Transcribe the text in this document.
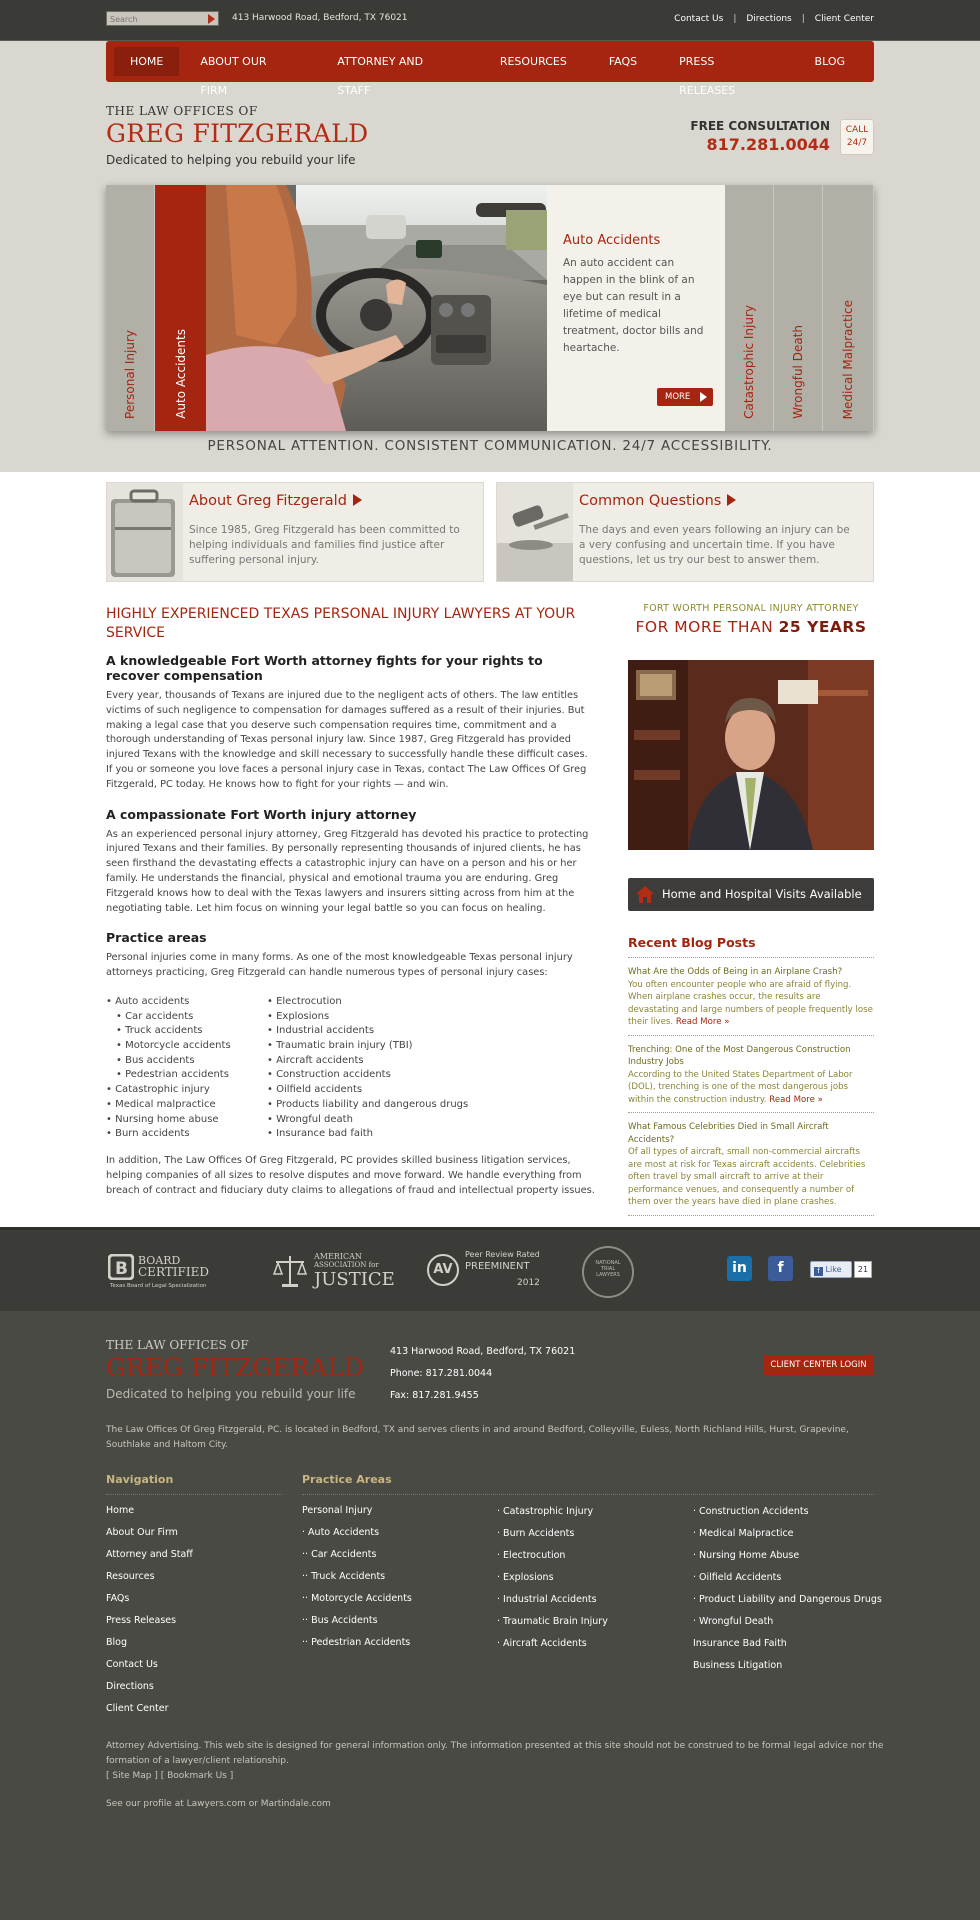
Search
413 Harwood Road, Bedford, TX 76021	Contact Us | Directions | Client Center
HOME	ABOUT OUR FIRM
ATTORNEY AND STAFF
RESOURCES	FAQS	PRESS RELEASES
BLOG
THE LAW OFFICES OF
GREG FITZGERALD
Dedicated to helping you rebuild your life
FREE CONSULTATION
817.281.0044
CALL
24/7
Personal Injury	Auto Accidents
Auto Accidents
An auto accident can happen in the blink of an eye but can result in a lifetime of medical treatment, doctor bills and heartache.
MORE	Catastrophic Injury	Wrongful Death	Medical Malpractice
PERSONAL ATTENTION. CONSISTENT COMMUNICATION. 24/7 ACCESSIBILITY.
About Greg Fitzgerald
Since 1985, Greg Fitzgerald has been committed to helping individuals and families find justice after suffering personal injury.
Common Questions
The days and even years following an injury can be a very confusing and uncertain time. If you have questions, let us try our best to answer them.
HIGHLY EXPERIENCED TEXAS PERSONAL INJURY LAWYERS AT YOUR SERVICE
A knowledgeable Fort Worth attorney fights for your rights to recover compensation
Every year, thousands of Texans are injured due to the negligent acts of others. The law entitles victims of such negligence to compensation for damages suffered as a result of their injuries. But making a legal case that you deserve such compensation requires time, commitment and a thorough understanding of Texas personal injury law. Since 1987, Greg Fitzgerald has provided injured Texans with the knowledge and skill necessary to successfully handle these difficult cases. If you or someone you love faces a personal injury case in Texas, contact The Law Offices Of Greg Fitzgerald, PC today. He knows how to fight for your rights — and win.
A compassionate Fort Worth injury attorney
As an experienced personal injury attorney, Greg Fitzgerald has devoted his practice to protecting injured Texans and their families. By personally representing thousands of injured clients, he has seen firsthand the devastating effects a catastrophic injury can have on a person and his or her family. He understands the financial, physical and emotional trauma you are enduring. Greg Fitzgerald knows how to deal with the Texas lawyers and insurers sitting across from him at the negotiating table. Let him focus on winning your legal battle so you can focus on healing.
Practice areas
Personal injuries come in many forms. As one of the most knowledgeable Texas personal injury attorneys practicing, Greg Fitzgerald can handle numerous types of personal injury cases:
• Auto accidents
• Car accidents
• Truck accidents
• Motorcycle accidents
• Bus accidents
• Pedestrian accidents
• Catastrophic injury
• Medical malpractice
• Nursing home abuse
• Burn accidents
• Electrocution
• Explosions
• Industrial accidents
• Traumatic brain injury (TBI)
• Aircraft accidents
• Construction accidents
• Oilfield accidents
• Products liability and dangerous drugs
• Wrongful death
• Insurance bad faith
In addition, The Law Offices Of Greg Fitzgerald, PC provides skilled business litigation services, helping companies of all sizes to resolve disputes and move forward. We handle everything from breach of contract and fiduciary duty claims to allegations of fraud and intellectual property issues.
FORT WORTH PERSONAL INJURY ATTORNEY
FOR MORE THAN 25 YEARS
Home and Hospital Visits Available
Recent Blog Posts
What Are the Odds of Being in an Airplane Crash?
You often encounter people who are afraid of flying. When airplane crashes occur, the results are devastating and large numbers of people frequently lose their lives. Read More »
Trenching: One of the Most Dangerous Construction Industry Jobs
According to the United States Department of Labor (DOL), trenching is one of the most dangerous jobs within the construction industry. Read More »
What Famous Celebrities Died in Small Aircraft Accidents?
Of all types of aircraft, small non-commercial aircrafts are most at risk for Texas aircraft accidents. Celebrities often travel by small aircraft to arrive at their performance venues, and consequently a number of them over the years have died in plane crashes.
B BOARD
CERTIFIED
Texas Board of Legal Specialization
AMERICAN
ASSOCIATION for
JUSTICE	AV
Peer Review Rated
PREEMINENT
2012
NATIONAL TRIAL LAWYERS	in	f	f Like	21
THE LAW OFFICES OF
GREG FITZGERALD
Dedicated to helping you rebuild your life
413 Harwood Road, Bedford, TX 76021
Phone: 817.281.0044
Fax: 817.281.9455
CLIENT CENTER LOGIN
The Law Offices Of Greg Fitzgerald, PC. is located in Bedford, TX and serves clients in and around Bedford, Colleyville, Euless, North Richland Hills, Hurst, Grapevine, Southlake and Haltom City.
Navigation	Practice Areas
Home
About Our Firm
Attorney and Staff
Resources
FAQs
Press Releases
Blog
Contact Us
Directions
Client Center
Personal Injury
· Auto Accidents
·· Car Accidents
·· Truck Accidents
·· Motorcycle Accidents
·· Bus Accidents
·· Pedestrian Accidents
· Catastrophic Injury
· Burn Accidents
· Electrocution
· Explosions
· Industrial Accidents
· Traumatic Brain Injury
· Aircraft Accidents
· Construction Accidents
· Medical Malpractice
· Nursing Home Abuse
· Oilfield Accidents
· Product Liability and Dangerous Drugs
· Wrongful Death
Insurance Bad Faith
Business Litigation
Attorney Advertising. This web site is designed for general information only. The information presented at this site should not be construed to be formal legal advice nor the formation of a lawyer/client relationship.
[ Site Map ] [ Bookmark Us ]
See our profile at Lawyers.com or Martindale.com
